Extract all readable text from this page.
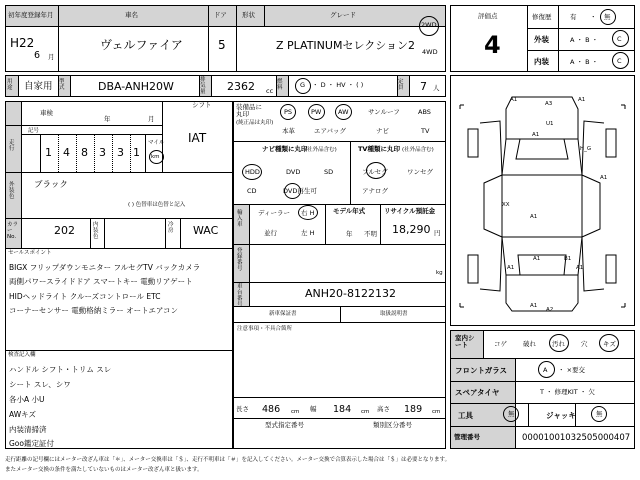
初年度登録年月	車名	ドア 形状	グレード
H22
6 月
ヴェルファイア	5	Z PLATINUMセレクション2
2WD
4WD
評価点
4
修復歴	有 ・ 無
外装	A ・ B ・	C
内装	A ・ B ・	C
用途	自家用 型式	DBA-ANH20W	排気量	2362 cc
燃料	G ・ D ・ HV ・ ( )	定員	7 人
車検
年	月
シフト
IAT
走行
記号
1 4 8 3 3 1
マイル
km
外装色
ブラック
( ) 色替車は色替と記入
カラーNo.
202	内装色
冷房	WAC
セールスポイント
BIGX フリップダウンモニター フルセグTV バックカメラ
両側パワースライドドア スマートキー 電動リアゲート
HIDヘッドライト クルーズコントロール ETC
コーナーセンサー 電動格納ミラー オートエアコン
検査記入欄
ハンドル シフト・トリム スレ
シート スレ、シワ
各小A 小U
AWキズ
内装清掃済
Goo鑑定証付
装備品に丸印
(純正品は丸印)
PS	PW	AW	サンルーフ	ABS
本革	エアバッグ	ナビ	TV
ナビ種類に丸印
(社外品含む)
HDD	DVD	SD
CD	DVD再生可
TV種類に丸印 (社外品含む)
フルセグ	ワンセグ
アナログ
輸入車
ディーラー
並行
右 H
左 H
モデル年式
年 不明
リサイクル預託金
18,290 円
登録番号
kg
車台番号
ANH20-8122132
新車保証書	取扱説明書
注意事項・不具合箇所
長さ 486 cm 幅 184 cm 高さ 189 cm
型式指定番号	類別区分番号
A1
A3
A1
U1
A1
H_G
A1
XX
A1
A1	B1
A1	A1
A1
A2
室内シート	コゲ 破れ 汚れ 穴 キズ
フロントガラス	A ・ ×要交
スペアタイヤ	T ・ 修理KIT ・ 欠
工具	無	ジャッキ	無
管理番号	00001001032505000407
走行距離の記号欄にはメーター改ざん車は「＊」、メーター交換車は「＄」、走行不明車は「＃」を記入してください。メーター交換で合算表示した場合は「＄」は必要となります。
またメーター交換の条件を満たしていないものはメーター改ざん車と扱います。
